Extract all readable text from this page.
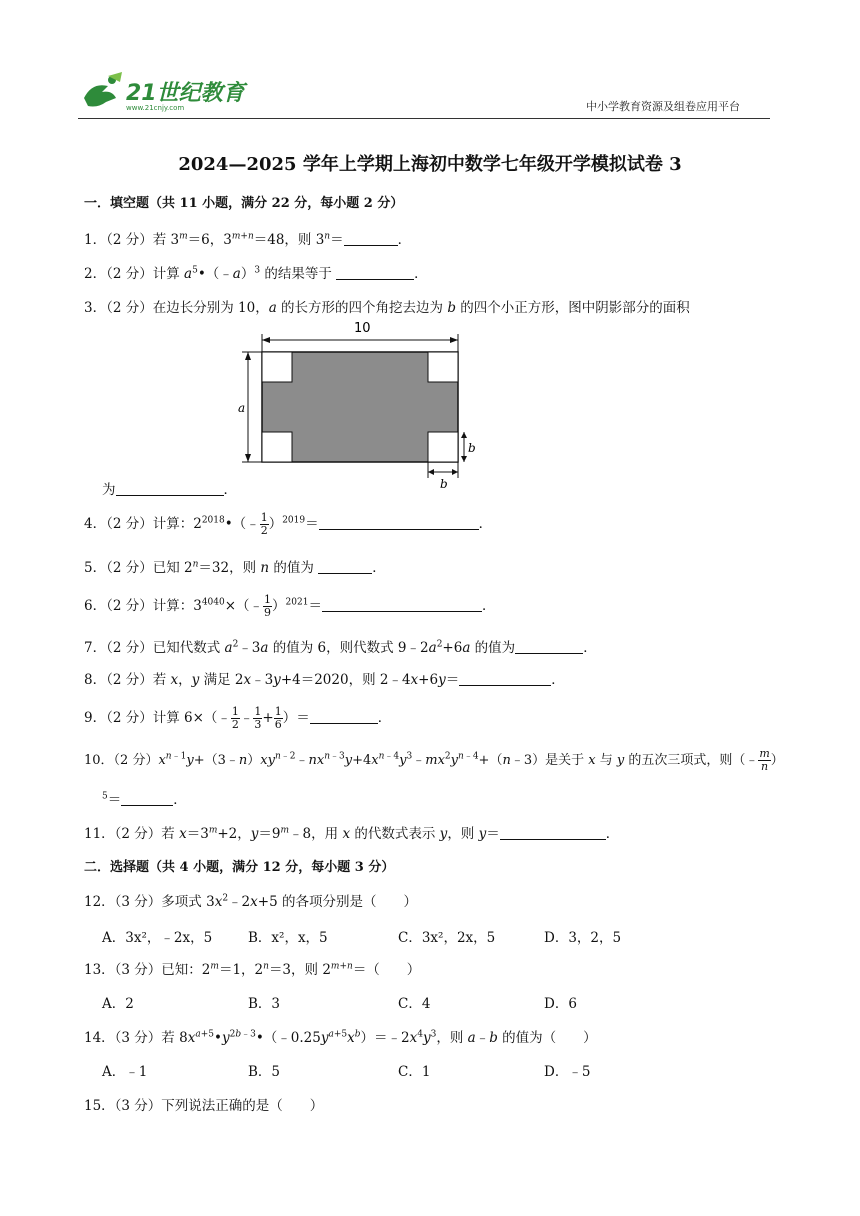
21世纪教育
www.21cnjy.com	中小学教育资源及组卷应用平台
2024—2025 学年上学期上海初中数学七年级开学模拟试卷 3
一．填空题（共 11 小题，满分 22 分，每小题 2 分）
1．（2 分）若 $3^m=6$，$3^{m+n}=48$，则 $3^n=$	．
2．（2 分）计算 $a^5•(﹣a)^3$ 的结果等于	．
3．（2 分）在边长分别为 10，a 的长方形的四个角挖去边为 b 的四个小正方形，图中阴影部分的面积
10
a
b
b
为	．
4．（2 分）计算：$2^{2018}•(﹣ \frac{1}{2} )^{2019}=$	．
5．（2 分）已知 $2^n=32$，则 n 的值为	．
6．（2 分）计算：$3^{4040}\times(﹣ \frac{1}{9} )^{2021}=$	．
7．（2 分）已知代数式 $a^2﹣3a$ 的值为 6，则代数式 $9﹣2a^2+6a$ 的值为	．
8．（2 分）若 x，y 满足 2x﹣3y+4＝2020，则 2﹣4x+6y＝	．
9．（2 分）计算 6×（﹣ $\frac{1}{2}$ ﹣ $\frac{1}{3} + \frac{1}{6}$ ）＝	．
10．（2 分）$x^{n﹣1}y+(3﹣n)xy^{n﹣2}﹣nx^{n﹣3}y+4x^{n﹣4}y^3﹣mx^2y^{n﹣4}+(n﹣3)$是关于 x 与 y 的五次三项式，则（﹣ $\frac{m}{n}$ ）
$^5$＝	．
11．（2 分）若 $x=3^m+2$，$y=9^m﹣8$，用 x 的代数式表示 y，则 y＝	．
二．选择题（共 4 小题，满分 12 分，每小题 3 分）
12．（3 分）多项式 $3x^2﹣2x+5$ 的各项分别是（　　）
A．3x²，﹣2x，5	B．x²，x，5	C．3x²，2x，5	D．3，2，5
13．（3 分）已知：$2^m=1$，$2^n=3$，则 $2^{m+n}=$（　　）
A．2	B．3	C．4	D．6
14．（3 分）若 $8x^{a+5}•y^{2b﹣3}•(﹣0.25y^{a+5}x^b)=﹣2x^4y^3$，则 a﹣b 的值为（　　）
A．﹣1	B．5	C．1	D．﹣5
15．（3 分）下列说法正确的是（　　）
